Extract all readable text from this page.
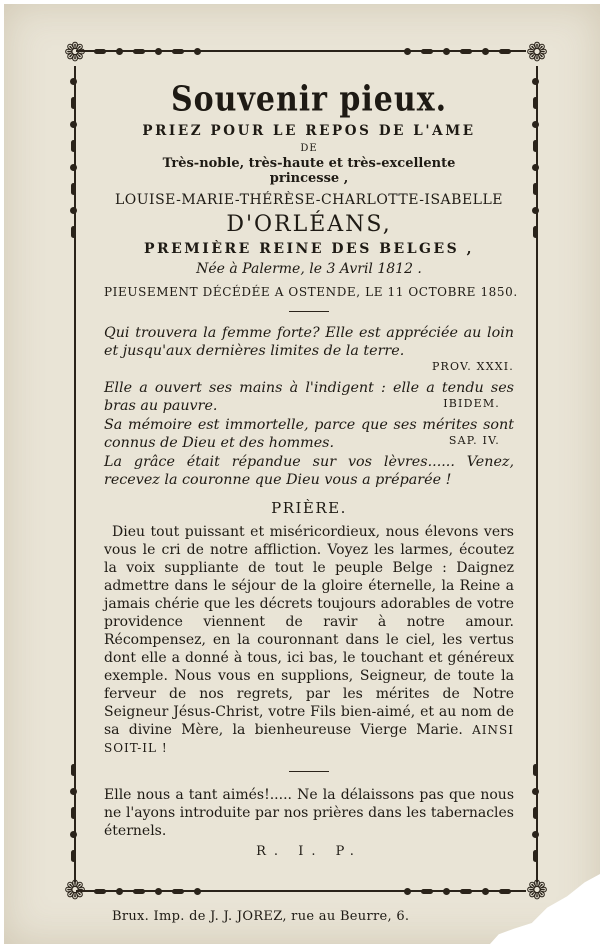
❁	❁
❁	❁

Souvenir pieux.

PRIEZ POUR LE REPOS DE L'AME

DE

Très-noble, très-haute et très-excellente

princesse ,

LOUISE-MARIE-THÉRÈSE-CHARLOTTE-ISABELLE

D'ORLÉANS,

PREMIÈRE REINE DES BELGES ,

Née à Palerme, le 3 Avril 1812 .

PIEUSEMENT DÉCÉDÉE A OSTENDE, LE 11 OCTOBRE 1850.

Qui trouvera la femme forte? Elle est appréciée au loin et jusqu'aux dernières limites de la terre.

PROV. XXXI.

Elle a ouvert ses mains à l'indigent : elle a tendu ses bras au pauvre.	IBIDEM.

Sa mémoire est immortelle, parce que ses mérites sont connus de Dieu et des hommes.	SAP. IV.

La grâce était répandue sur vos lèvres...... Venez, recevez la couronne que Dieu vous a préparée !

PRIÈRE.

Dieu tout puissant et miséricordieux, nous élevons vers vous le cri de notre affliction. Voyez les larmes, écoutez la voix suppliante de tout le peuple Belge : Daignez admettre dans le séjour de la gloire éternelle, la Reine a jamais chérie que les décrets toujours adorables de votre providence viennent de ravir à notre amour. Récompensez, en la couronnant dans le ciel, les vertus dont elle a donné à tous, ici bas, le touchant et généreux exemple. Nous vous en supplions, Seigneur, de toute la ferveur de nos regrets, par les mérites de Notre Seigneur Jésus-Christ, votre Fils bien-aimé, et au nom de sa divine Mère, la bienheureuse Vierge Marie. AINSI SOIT-IL !

Elle nous a tant aimés!..... Ne la délaissons pas que nous ne l'ayons introduite par nos prières dans les tabernacles éternels.

R. I. P.

Brux. Imp. de J. J. JOREZ, rue au Beurre, 6.
